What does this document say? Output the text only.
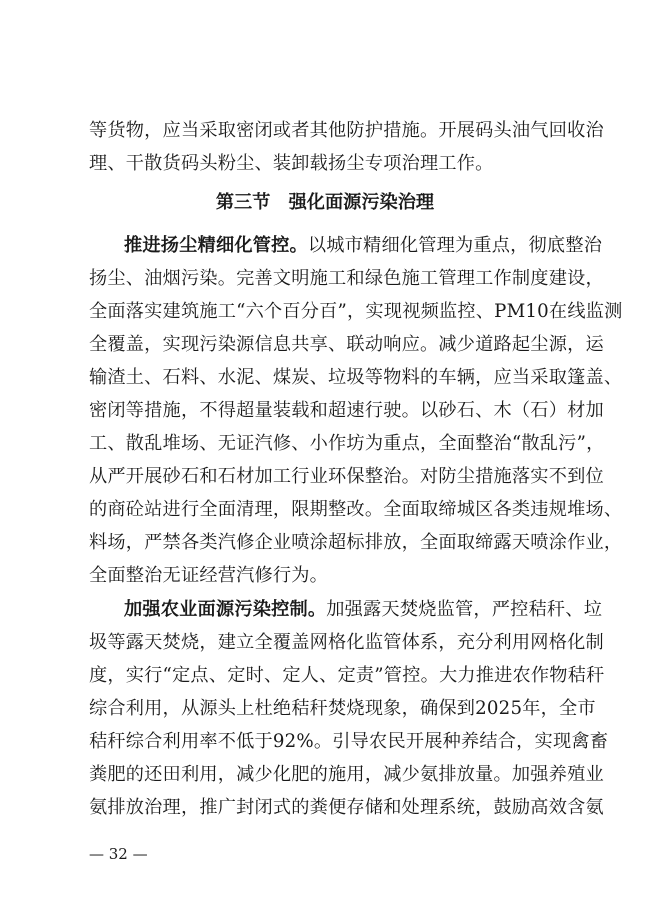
等货物，应当采取密闭或者其他防护措施。开展码头油气回收治
理、干散货码头粉尘、装卸载扬尘专项治理工作。
第三节　强化面源污染治理
推进扬尘精细化管控。以城市精细化管理为重点，彻底整治
扬尘、油烟污染。完善文明施工和绿色施工管理工作制度建设，
全面落实建筑施工“六个百分百”，实现视频监控、PM10在线监测
全覆盖，实现污染源信息共享、联动响应。减少道路起尘源，运
输渣土、石料、水泥、煤炭、垃圾等物料的车辆，应当采取篷盖、
密闭等措施，不得超量装载和超速行驶。以砂石、木（石）材加
工、散乱堆场、无证汽修、小作坊为重点，全面整治“散乱污”，
从严开展砂石和石材加工行业环保整治。对防尘措施落实不到位
的商砼站进行全面清理，限期整改。全面取缔城区各类违规堆场、
料场，严禁各类汽修企业喷涂超标排放，全面取缔露天喷涂作业，
全面整治无证经营汽修行为。
加强农业面源污染控制。加强露天焚烧监管，严控秸秆、垃
圾等露天焚烧，建立全覆盖网格化监管体系，充分利用网格化制
度，实行“定点、定时、定人、定责”管控。大力推进农作物秸秆
综合利用，从源头上杜绝秸秆焚烧现象，确保到2025年，全市
秸秆综合利用率不低于92%。引导农民开展种养结合，实现禽畜
粪肥的还田利用，减少化肥的施用，减少氨排放量。加强养殖业
氨排放治理，推广封闭式的粪便存储和处理系统，鼓励高效含氨
— 32 —
